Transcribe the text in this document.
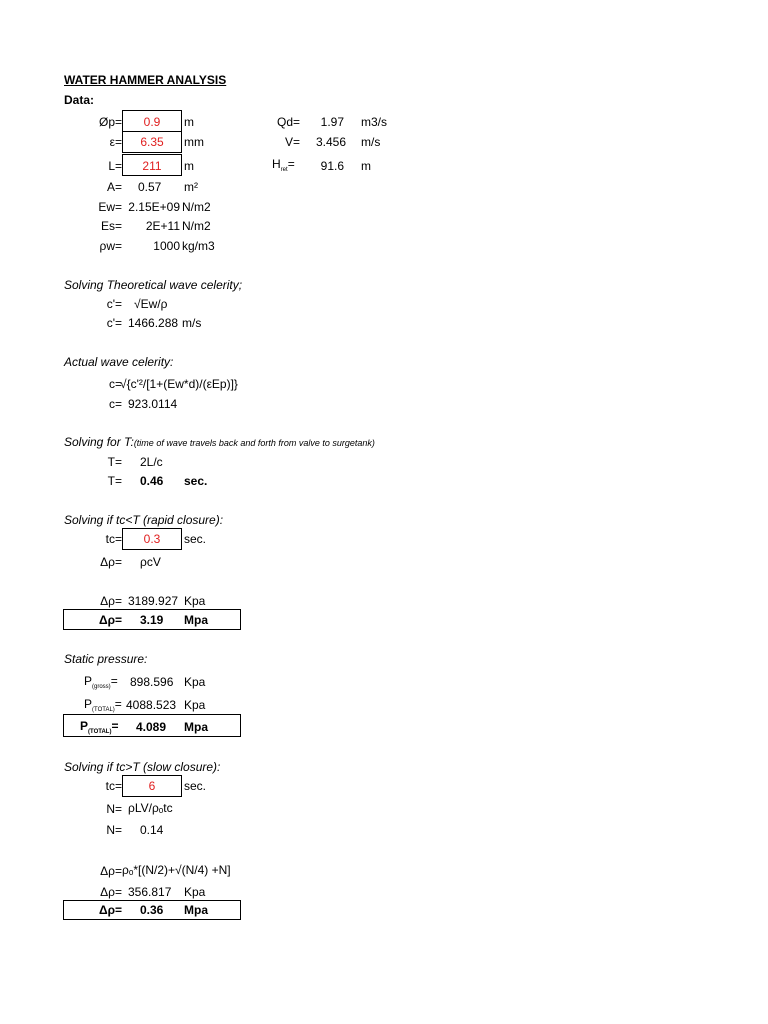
WATER HAMMER ANALYSIS
Data:
Øp=	0.9	m
ε=	6.35	mm
L=	211	m
A= 0.57 m²
Ew= 2.15E+09 N/m2
Es=	2E+11 N/m2
ρw=	1000 kg/m3
Qd=	1.97 m3/s
V=	3.456 m/s
$H_{ret}=$	91.6 m
Solving Theoretical wave celerity;
c'= √Ew/ρ
c'= 1466.288 m/s
Actual wave celerity:
c=
√{c'²/[1+(Ew*d)/(εEp)]}
c= 923.0114
Solving for T:(time of wave travels back and forth from valve to surgetank)
T= 2L/c
T= 0.46 sec.
Solving if tc<T (rapid closure):
tc=	0.3	sec.
Δρ= ρcV
Δρ= 3189.927 Kpa
Δρ= 3.19 Mpa
Static pressure:
$P_{(gross)}= 898.596$ Kpa
$P_{(TOTAL)}= 4088.523$ Kpa
$P_{(TOTAL)}= 4.089$ Mpa
Solving if tc>T (slow closure):
tc=	6	sec.
N= ρLV/ρₒtc
N= 0.14
Δρ= ρₒ*[(N/2)+√(N/4) +N]
Δρ= 356.817 Kpa
Δρ= 0.36 Mpa
